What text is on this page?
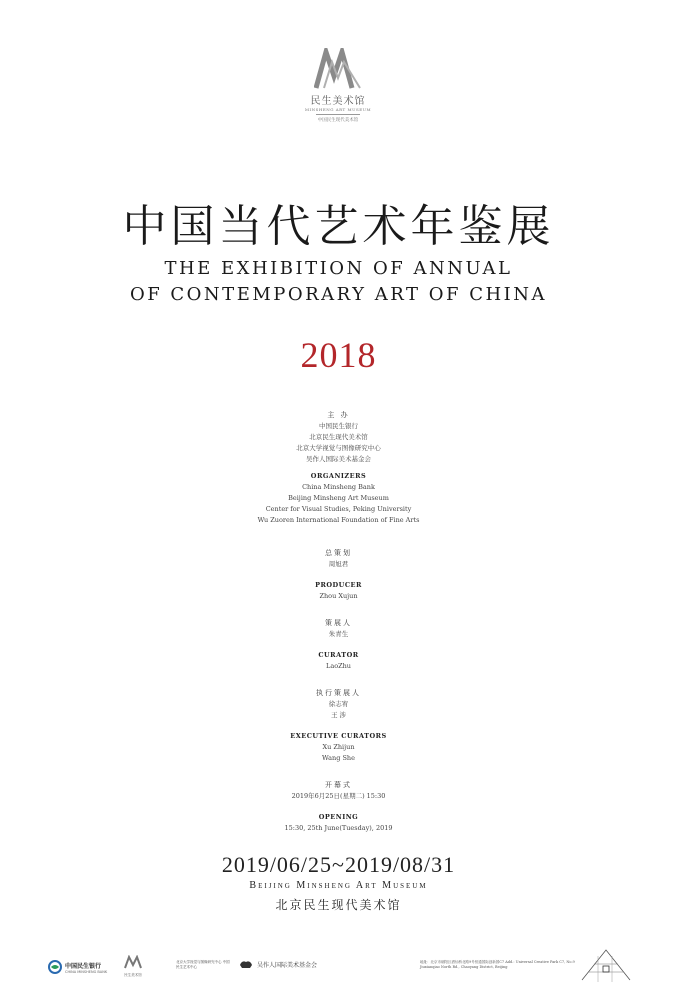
民生美术馆
MINSHENG ART MUSEUM
中国民生现代美术馆
中国当代艺术年鉴展
THE EXHIBITION OF ANNUAL
OF CONTEMPORARY ART OF CHINA
2018
主 办
中国民生银行
北京民生现代美术馆
北京大学视觉与图像研究中心
吴作人国际美术基金会
ORGANIZERS
China Minsheng Bank
Beijing Minsheng Art Museum
Center for Visual Studies, Peking University
Wu Zuoren International Foundation of Fine Arts
总策划
周旭君
PRODUCER
Zhou Xujun
策展人
朱青生
CURATOR
LaoZhu
执行策展人
徐志宥
王 涉
EXECUTIVE CURATORS
Xu Zhijun
Wang She
开幕式
2019年6月25日(星期二) 15:30
OPENING
15:30, 25th June(Tuesday), 2019
2019/06/25~2019/08/31
Beijing Minsheng Art Museum
北京民生现代美术馆
中国民生银行
CHINA MINSHENG BANK
民生美术馆
北京大学视觉与图像研究中心 中国民生艺术中心	吴作人国际美术基金会	地址：北京市朝阳区酒仙桥北路9号恒通国际创新园C7 Add.: Universal Creative Park C7, No.9 Jiuxianqiao North Rd., Chaoyang District, Beijing
